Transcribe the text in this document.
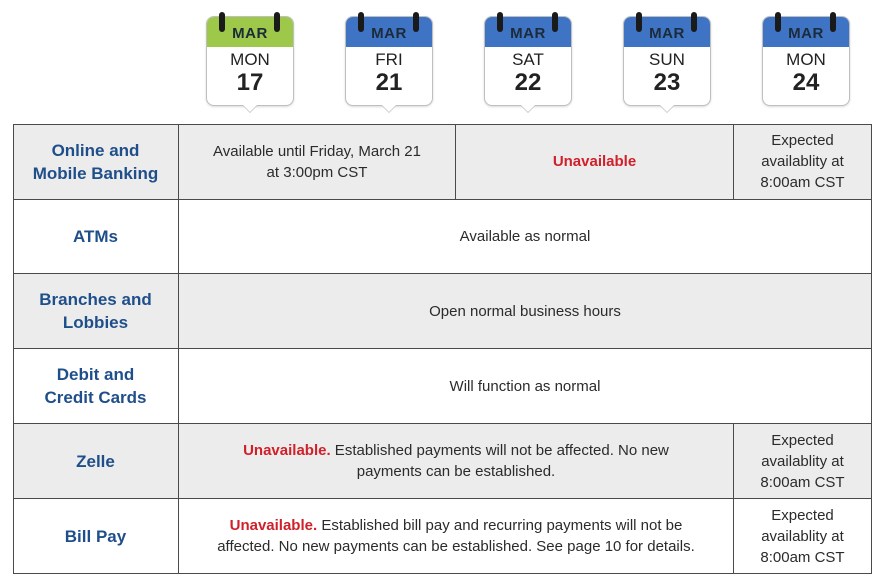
MAR
MON
17
MAR
FRI
21
MAR
SAT
22
MAR
SUN
23
MAR
MON
24
Online and
Mobile Banking
Available until Friday, March 21
at 3:00pm CST
Unavailable
Expected
availablity at
8:00am CST
ATMs	Available as normal
Branches and
Lobbies
Open normal business hours
Debit and
Credit Cards
Will function as normal
Zelle
Unavailable. Established payments will not be affected. No new
payments can be established.
Expected
availablity at
8:00am CST
Bill Pay
Unavailable. Established bill pay and recurring payments will not be
affected. No new payments can be established. See page 10 for details.
Expected
availablity at
8:00am CST
